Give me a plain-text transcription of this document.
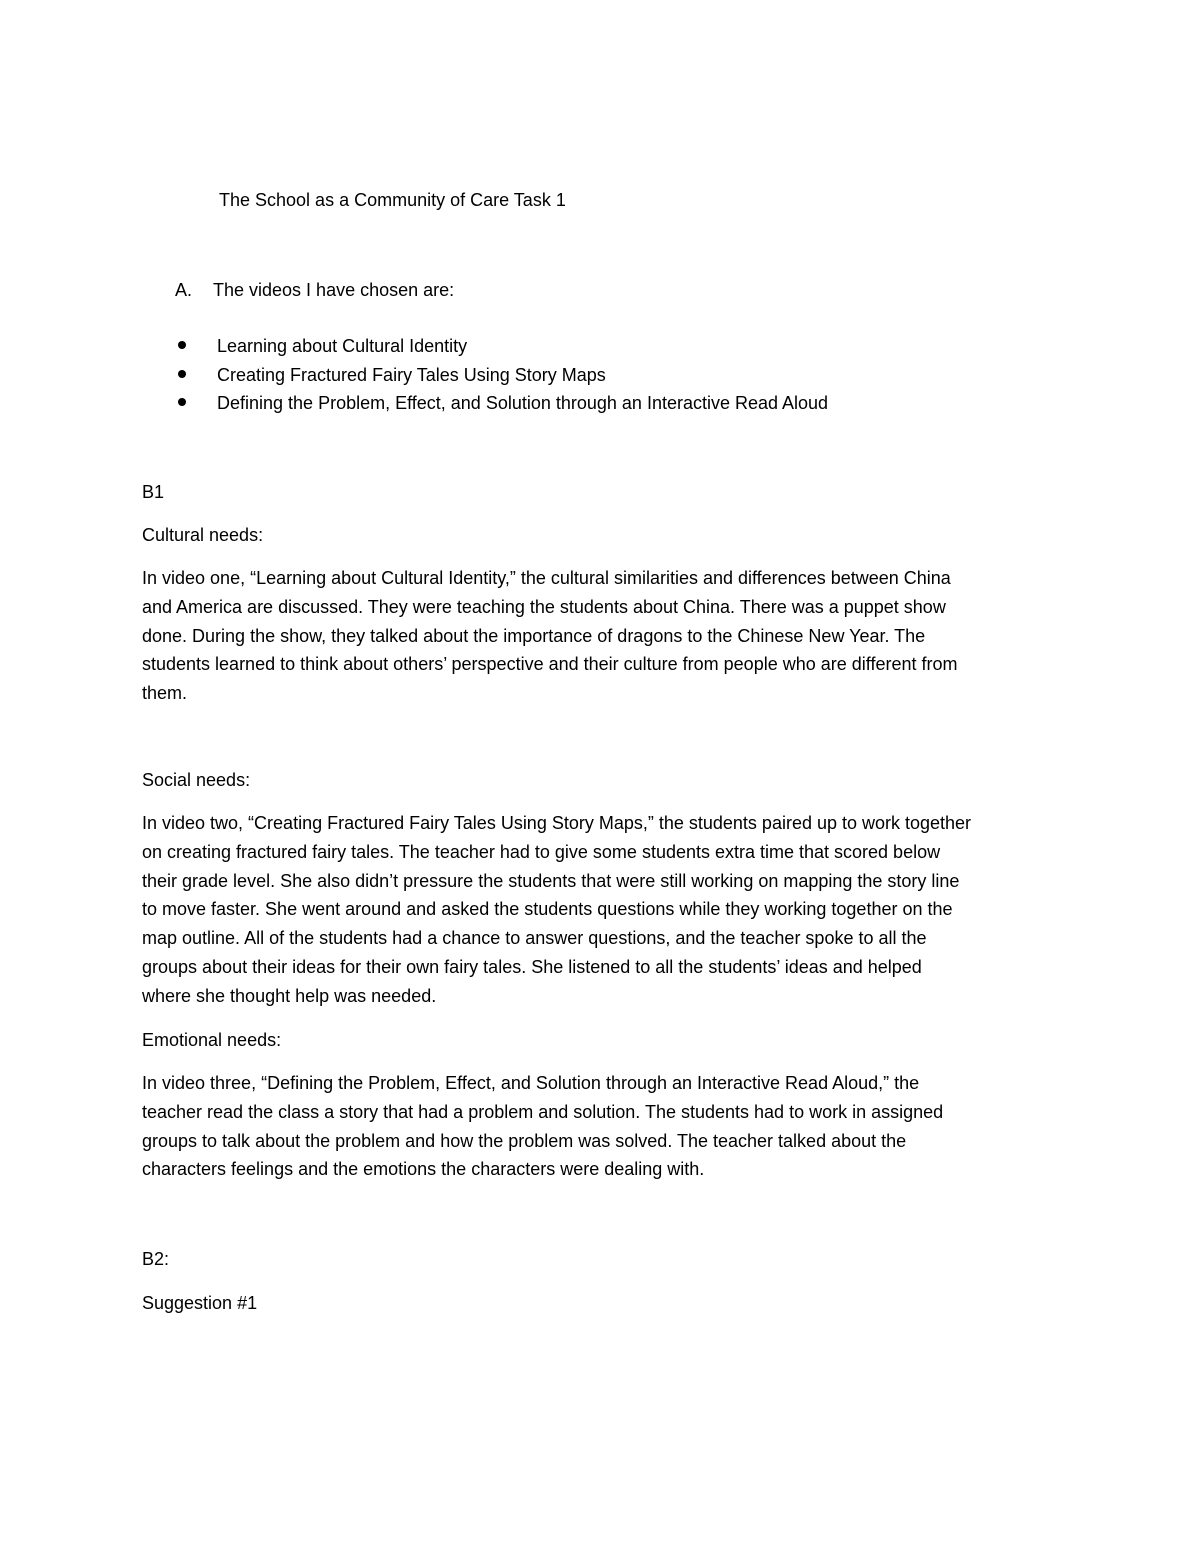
The School as a Community of Care Task 1

A. The videos I have chosen are:

Learning about Cultural Identity
Creating Fractured Fairy Tales Using Story Maps
Defining the Problem, Effect, and Solution through an Interactive Read Aloud

B1

Cultural needs:

In video one, “Learning about Cultural Identity,” the cultural similarities and differences between China
and America are discussed. They were teaching the students about China. There was a puppet show
done. During the show, they talked about the importance of dragons to the Chinese New Year. The
students learned to think about others’ perspective and their culture from people who are different from
them.

Social needs:

In video two, “Creating Fractured Fairy Tales Using Story Maps,” the students paired up to work together
on creating fractured fairy tales. The teacher had to give some students extra time that scored below
their grade level. She also didn’t pressure the students that were still working on mapping the story line
to move faster. She went around and asked the students questions while they working together on the
map outline. All of the students had a chance to answer questions, and the teacher spoke to all the
groups about their ideas for their own fairy tales. She listened to all the students’ ideas and helped
where she thought help was needed.

Emotional needs:

In video three, “Defining the Problem, Effect, and Solution through an Interactive Read Aloud,” the
teacher read the class a story that had a problem and solution. The students had to work in assigned
groups to talk about the problem and how the problem was solved. The teacher talked about the
characters feelings and the emotions the characters were dealing with.

B2:

Suggestion #1
